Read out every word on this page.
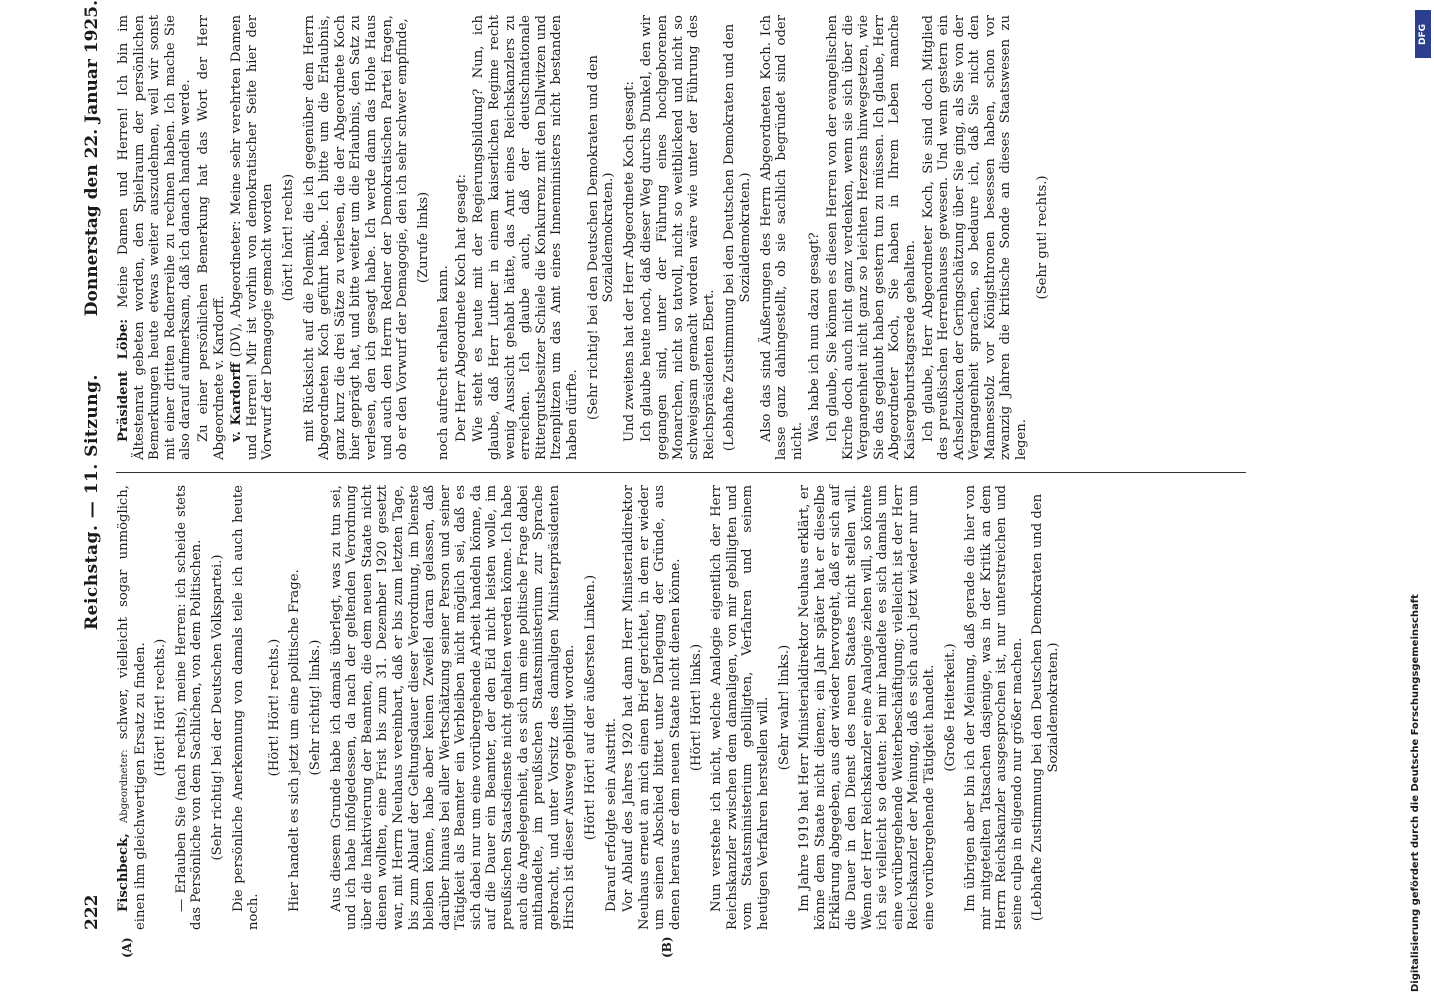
222
Reichstag. — 11. Sitzung.
Donnerstag den 22. Januar 1925.
(A)	(B)

Fischbeck, Abgeordneter: schwer, vielleicht sogar unmöglich, einen ihm gleichwertigen Ersatz zu finden. (Hört! Hört! rechts.) — Erlauben Sie (nach rechts), meine Herren: ich scheide stets das Persönliche von dem Sachlichen, von dem Politischen. (Sehr richtig! bei der Deutschen Volkspartei.) Die persönliche Anerkennung von damals teile ich auch heute noch.

(Hört! Hört! rechts.) Hier handelt es sich jetzt um eine politische Frage. (Sehr richtig! links.) Aus diesem Grunde habe ich damals überlegt, was zu tun sei, und ich habe infolgedessen, da nach der geltenden Verordnung über die Inaktivierung der Beamten, die dem neuen Staate nicht dienen wollten, eine Frist bis zum 31. Dezember 1920 gesetzt war, mit Herrn Neuhaus vereinbart, daß er bis zum letzten Tage, bis zum Ablauf der Geltungsdauer dieser Verordnung, im Dienste bleiben könne, habe aber keinen Zweifel daran gelassen, daß darüber hinaus bei aller Wertschätzung seiner Person und seiner Tätigkeit als Beamter ein Verbleiben nicht möglich sei, daß es sich dabei nur um eine vorübergehende Arbeit handeln könne, da auf die Dauer ein Beamter, der den Eid nicht leisten wolle, im preußischen Staatsdienste nicht gehalten werden könne. Ich habe auch die Angelegenheit, da es sich um eine politische Frage dabei mithandelte, im preußischen Staatsministerium zur Sprache gebracht, und unter Vorsitz des damaligen Ministerpräsidenten Hirsch ist dieser Ausweg gebilligt worden. (Hört! Hört! auf der äußersten Linken.) Darauf erfolgte sein Austritt. Vor Ablauf des Jahres 1920 hat dann Herr Ministerialdirektor Neuhaus erneut an mich einen Brief gerichtet, in dem er wieder um seinen Abschied bittet unter Darlegung der Gründe, aus denen heraus er dem neuen Staate nicht dienen könne. (Hört! Hört! links.) Nun verstehe ich nicht, welche Analogie eigentlich der Herr Reichskanzler zwischen dem damaligen, von mir gebilligten und vom Staatsministerium gebilligten, Verfahren und seinem heutigen Verfahren herstellen will. (Sehr wahr! links.) Im Jahre 1919 hat Herr Ministerialdirektor Neuhaus erklärt, er könne dem Staate nicht dienen; ein Jahr später hat er dieselbe Erklärung abgegeben, aus der wieder hervorgeht, daß er sich auf die Dauer in den Dienst des neuen Staates nicht stellen will. Wenn der Herr Reichskanzler eine Analogie ziehen will, so könnte ich sie vielleicht so deuten: bei mir handelte es sich damals um eine vorübergehende Weiterbeschäftigung; vielleicht ist der Herr Reichskanzler der Meinung, daß es sich auch jetzt wieder nur um eine vorübergehende Tätigkeit handelt. (Große Heiterkeit.) Im übrigen aber bin ich der Meinung, daß gerade die hier von mir mitgeteilten Tatsachen dasjenige, was in der Kritik an dem Herrn Reichskanzler ausgesprochen ist, nur unterstreichen und seine culpa in eligendo nur größer machen. (Lebhafte Zustimmung bei den Deutschen Demokraten und den Sozialdemokraten.)

Präsident Löbe: Meine Damen und Herren! Ich bin im Ältestenrat gebeten worden, den Spielraum der persönlichen Bemerkungen heute etwas weiter auszudehnen, weil wir sonst mit einer dritten Rednerreihe zu rechnen haben. Ich mache Sie also darauf aufmerksam, daß ich danach handeln werde. Zu einer persönlichen Bemerkung hat das Wort der Herr Abgeordnete v. Kardorff. v. Kardorff (DV), Abgeordneter: Meine sehr verehrten Damen und Herren! Mir ist vorhin von demokratischer Seite hier der Vorwurf der Demagogie gemacht worden (hört! hört! rechts) mit Rücksicht auf die Polemik, die ich gegenüber dem Herrn Abgeordneten Koch geführt habe. Ich bitte um die Erlaubnis, ganz kurz die drei Sätze zu verlesen, die der Abgeordnete Koch hier geprägt hat, und bitte weiter um die Erlaubnis, den Satz zu verlesen, den ich gesagt habe. Ich werde dann das Hohe Haus und auch den Herrn Redner der Demokratischen Partei fragen, ob er den Vorwurf der Demagogie, den ich sehr schwer empfinde, (Zurufe links)

noch aufrecht erhalten kann. Der Herr Abgeordnete Koch hat gesagt: Wie steht es heute mit der Regierungsbildung? Nun, ich glaube, daß Herr Luther in einem kaiserlichen Regime recht wenig Aussicht gehabt hätte, das Amt eines Reichskanzlers zu erreichen. Ich glaube auch, daß der deutschnationale Rittergutsbesitzer Schiele die Konkurrenz mit den Dallwitzen und Itzenplitzen um das Amt eines Innenministers nicht bestanden haben dürfte. (Sehr richtig! bei den Deutschen Demokraten und den Sozialdemokraten.) Und zweitens hat der Herr Abgeordnete Koch gesagt: Ich glaube heute noch, daß dieser Weg durchs Dunkel, den wir gegangen sind, unter der Führung eines hochgeborenen Monarchen, nicht so tatvoll, nicht so weitblickend und nicht so schweigsam gemacht worden wäre wie unter der Führung des Reichspräsidenten Ebert. (Lebhafte Zustimmung bei den Deutschen Demokraten und den Sozialdemokraten.) Also das sind Äußerungen des Herrn Abgeordneten Koch. Ich lasse ganz dahingestellt, ob sie sachlich begründet sind oder nicht. Was habe ich nun dazu gesagt? Ich glaube, Sie können es diesen Herren von der evangelischen Kirche doch auch nicht ganz verdenken, wenn sie sich über die Vergangenheit nicht ganz so leichten Herzens hinwegsetzen, wie Sie das geglaubt haben gestern tun zu müssen. Ich glaube, Herr Abgeordneter Koch, Sie haben in Ihrem Leben manche Kaisergeburtstagsrede gehalten. Ich glaube, Herr Abgeordneter Koch, Sie sind doch Mitglied des preußischen Herrenhauses gewesen. Und wenn gestern ein Achselzucken der Geringschätzung über Sie ging, als Sie von der Vergangenheit sprachen, so bedaure ich, daß Sie nicht den Mannesstolz vor Königsthronen besessen haben, schon vor zwanzig Jahren die kritische Sonde an dieses Staatswesen zu legen.

(Sehr gut! rechts.)

Digitalisierung gefördert durch die Deutsche Forschungsgemeinschaft
DFG
